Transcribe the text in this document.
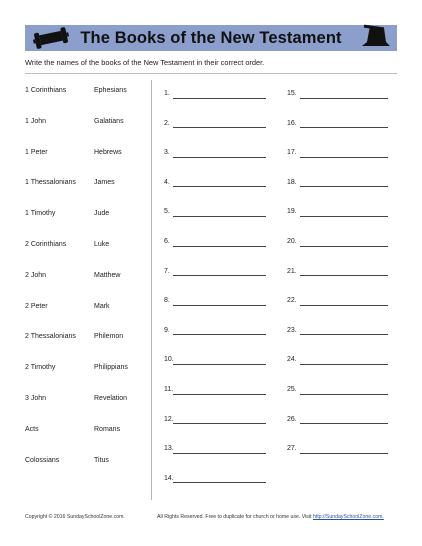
The Books of the New Testament
Write the names of the books of the New Testament in their correct order.
1 Corinthians
1 John
1 Peter
1 Thessalonians
1 Timothy
2 Corinthians
2 John
2 Peter
2 Thessalonians
2 Timothy
3 John
Acts
Colossians
Ephesians
Galatians
Hebrews
James
Jude
Luke
Matthew
Mark
Philemon
Philippians
Revelation
Romans
Titus
1.
2.
3.
4.
5.
6.
7.
8.
9.
10.
11.
12.
13.
14.
15.
16.
17.
18.
19.
20.
21.
22.
23.
24.
25.
26.
27.
Copyright © 2016 SundaySchoolZone.com.	All Rights Reserved. Free to duplicate for church or home use. Visit http://SundaySchoolZone.com.
